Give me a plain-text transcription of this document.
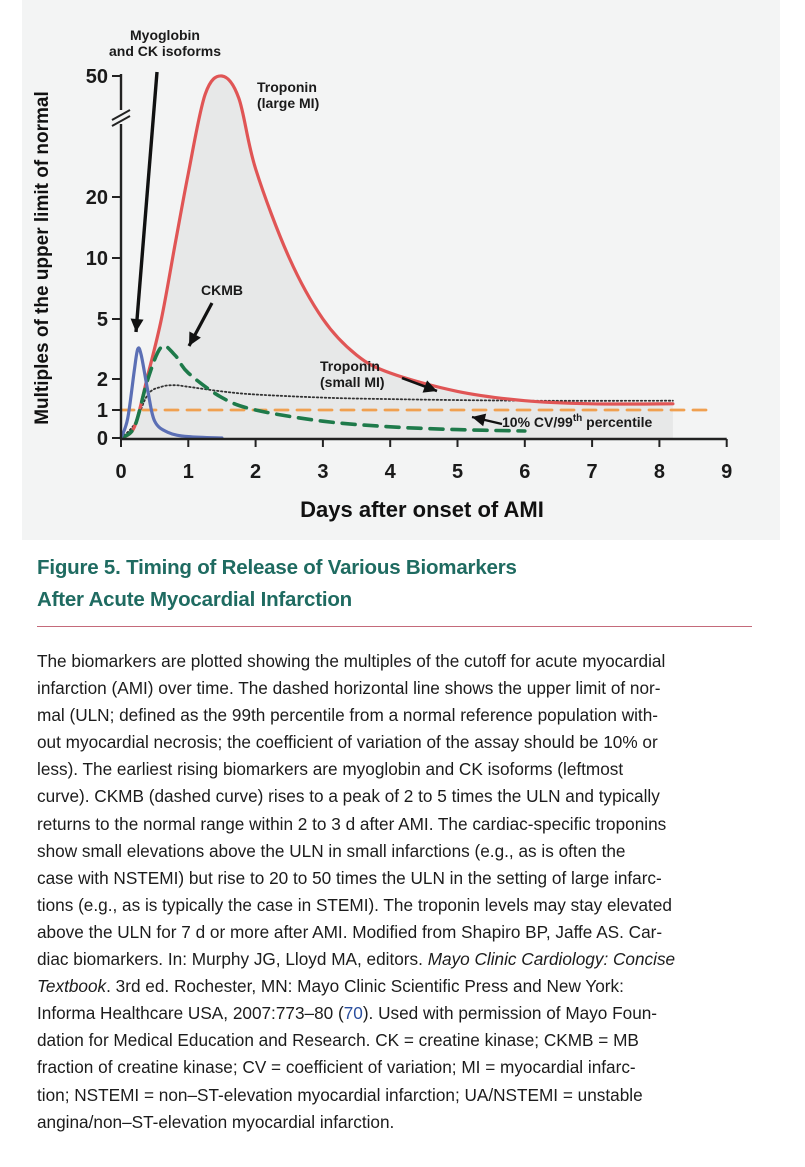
0	1	2	3	4	5	6	7	8	9
0
1
2
5
10
20
50
Days after onset of AMI
Multiples of the upper limit of normal
Myoglobin
and CK isoforms
CKMB
Troponin
(large MI)
Troponin
(small MI)
10% CV/99th percentile
Figure 5. Timing of Release of Various Biomarkers
After Acute Myocardial Infarction
The biomarkers are plotted showing the multiples of the cutoff for acute myocardial
infarction (AMI) over time. The dashed horizontal line shows the upper limit of nor-
mal (ULN; defined as the 99th percentile from a normal reference population with-
out myocardial necrosis; the coefficient of variation of the assay should be 10% or
less). The earliest rising biomarkers are myoglobin and CK isoforms (leftmost
curve). CKMB (dashed curve) rises to a peak of 2 to 5 times the ULN and typically
returns to the normal range within 2 to 3 d after AMI. The cardiac-specific troponins
show small elevations above the ULN in small infarctions (e.g., as is often the
case with NSTEMI) but rise to 20 to 50 times the ULN in the setting of large infarc-
tions (e.g., as is typically the case in STEMI). The troponin levels may stay elevated
above the ULN for 7 d or more after AMI. Modified from Shapiro BP, Jaffe AS. Car-
diac biomarkers. In: Murphy JG, Lloyd MA, editors. Mayo Clinic Cardiology: Concise
Textbook. 3rd ed. Rochester, MN: Mayo Clinic Scientific Press and New York:
Informa Healthcare USA, 2007:773–80 (70). Used with permission of Mayo Foun-
dation for Medical Education and Research. CK = creatine kinase; CKMB = MB
fraction of creatine kinase; CV = coefficient of variation; MI = myocardial infarc-
tion; NSTEMI = non–ST-elevation myocardial infarction; UA/NSTEMI = unstable
angina/non–ST-elevation myocardial infarction.
